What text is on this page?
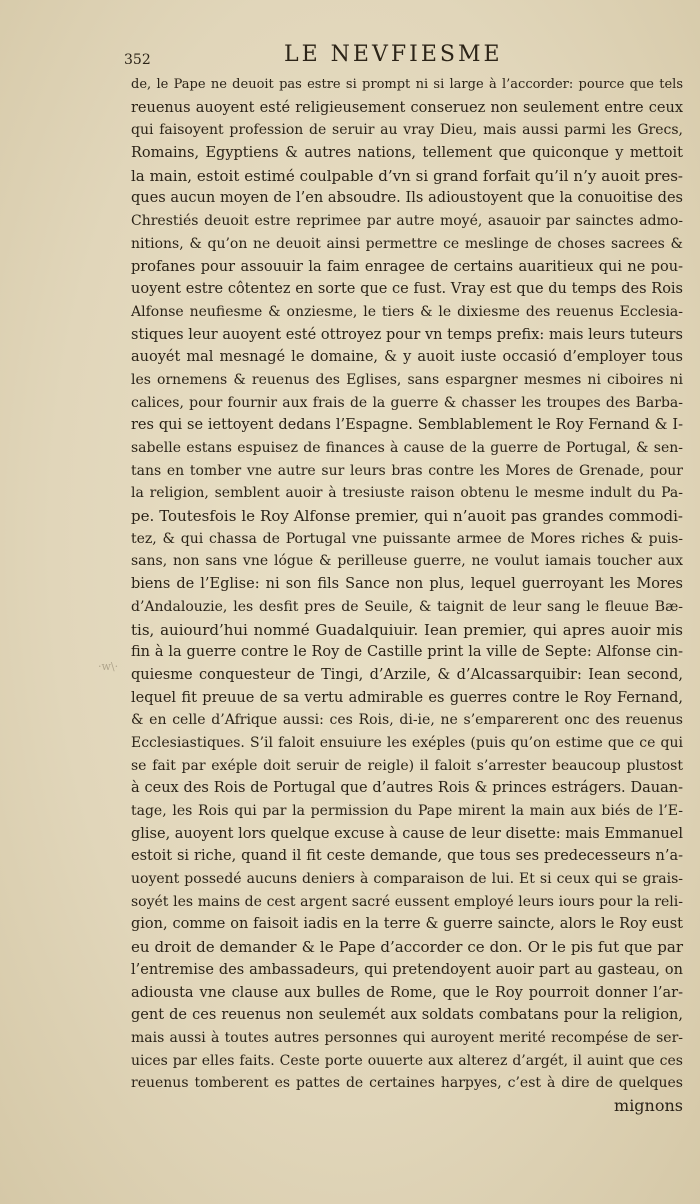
352	LE NEVFIESME
·w\·
de, le Pape ne deuoit pas estre si prompt ni si large à l’accorder: pource que tels
reuenus auoyent esté religieusement conseruez non seulement entre ceux
qui faisoyent profession de seruir au vray Dieu, mais aussi parmi les Grecs,
Romains, Egyptiens & autres nations, tellement que quiconque y mettoit
la main, estoit estimé coulpable d’vn si grand forfait qu’il n’y auoit pres-
ques aucun moyen de l’en absoudre. Ils adioustoyent que la conuoitise des
Chrestiés deuoit estre reprimee par autre moyé, asauoir par sainctes admo-
nitions, & qu’on ne deuoit ainsi permettre ce meslinge de choses sacrees &
profanes pour assouuir la faim enragee de certains auaritieux qui ne pou-
uoyent estre côtentez en sorte que ce fust. Vray est que du temps des Rois
Alfonse neufiesme & onziesme, le tiers & le dixiesme des reuenus Ecclesia-
stiques leur auoyent esté ottroyez pour vn temps prefix: mais leurs tuteurs
auoyét mal mesnagé le domaine, & y auoit iuste occasió d’employer tous
les ornemens & reuenus des Eglises, sans espargner mesmes ni ciboires ni
calices, pour fournir aux frais de la guerre & chasser les troupes des Barba-
res qui se iettoyent dedans l’Espagne. Semblablement le Roy Fernand & I-
sabelle estans espuisez de finances à cause de la guerre de Portugal, & sen-
tans en tomber vne autre sur leurs bras contre les Mores de Grenade, pour
la religion, semblent auoir à tresiuste raison obtenu le mesme indult du Pa-
pe. Toutesfois le Roy Alfonse premier, qui n’auoit pas grandes commodi-
tez, & qui chassa de Portugal vne puissante armee de Mores riches & puis-
sans, non sans vne lógue & perilleuse guerre, ne voulut iamais toucher aux
biens de l’Eglise: ni son fils Sance non plus, lequel guerroyant les Mores
d’Andalouzie, les desfit pres de Seuile, & taignit de leur sang le fleuue Bæ-
tis, auiourd’hui nommé Guadalquiuir. Iean premier, qui apres auoir mis
fin à la guerre contre le Roy de Castille print la ville de Septe: Alfonse cin-
quiesme conquesteur de Tingi, d’Arzile, & d’Alcassarquibir: Iean second,
lequel fit preuue de sa vertu admirable es guerres contre le Roy Fernand,
& en celle d’Afrique aussi: ces Rois, di-ie, ne s’emparerent onc des reuenus
Ecclesiastiques. S’il faloit ensuiure les exéples (puis qu’on estime que ce qui
se fait par exéple doit seruir de reigle) il faloit s’arrester beaucoup plustost
à ceux des Rois de Portugal que d’autres Rois & princes estrágers. Dauan-
tage, les Rois qui par la permission du Pape mirent la main aux biés de l’E-
glise, auoyent lors quelque excuse à cause de leur disette: mais Emmanuel
estoit si riche, quand il fit ceste demande, que tous ses predecesseurs n’a-
uoyent possedé aucuns deniers à comparaison de lui. Et si ceux qui se grais-
soyét les mains de cest argent sacré eussent employé leurs iours pour la reli-
gion, comme on faisoit iadis en la terre & guerre saincte, alors le Roy eust
eu droit de demander & le Pape d’accorder ce don. Or le pis fut que par
l’entremise des ambassadeurs, qui pretendoyent auoir part au gasteau, on
adiousta vne clause aux bulles de Rome, que le Roy pourroit donner l’ar-
gent de ces reuenus non seulemét aux soldats combatans pour la religion,
mais aussi à toutes autres personnes qui auroyent merité recompése de ser-
uices par elles faits. Ceste porte ouuerte aux alterez d’argét, il auint que ces
reuenus tomberent es pattes de certaines harpyes, c’est à dire de quelques
mignons
